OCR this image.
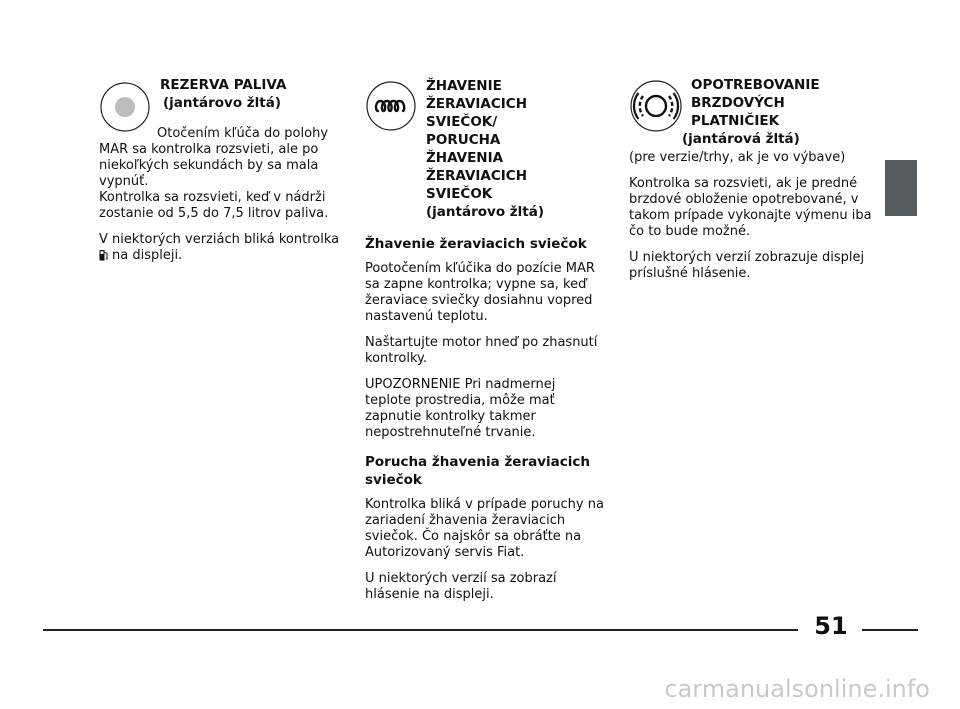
REZERVA PALIVA
(jantárovo žltá)

Otočením kľúča do polohy

MAR sa kontrolka rozsvieti, ale po

niekoľkých sekundách by sa mala

vypnúť.

Kontrolka sa rozsvieti, keď v nádrži

zostanie od 5,5 do 7,5 litrov paliva.

V niektorých verziách bliká kontrolka

na displeji.

ŽHAVENIE
ŽERAVIACICH
SVIEČOK/
PORUCHA
ŽHAVENIA
ŽERAVIACICH
SVIEČOK
(jantárovo žltá)

Žhavenie žeraviacich sviečok

Pootočením kľúčika do pozície MAR

sa zapne kontrolka; vypne sa, keď

žeraviace sviečky dosiahnu vopred

nastavenú teplotu.

Naštartujte motor hneď po zhasnutí

kontrolky.

UPOZORNENIE Pri nadmernej

teplote prostredia, môže mať

zapnutie kontrolky takmer

nepostrehnuteľné trvanie.

Porucha žhavenia žeraviacich

sviečok

Kontrolka bliká v prípade poruchy na

zariadení žhavenia žeraviacich

sviečok. Čo najskôr sa obráťte na

Autorizovaný servis Fiat.

U niektorých verzií sa zobrazí

hlásenie na displeji.

OPOTREBOVANIE
BRZDOVÝCH
PLATNIČIEK
(jantárová žltá)

(pre verzie/trhy, ak je vo výbave)

Kontrolka sa rozsvieti, ak je predné

brzdové obloženie opotrebované, v

takom prípade vykonajte výmenu iba

čo to bude možné.

U niektorých verzií zobrazuje displej

príslušné hlásenie.

51
carmanualsonline.info
